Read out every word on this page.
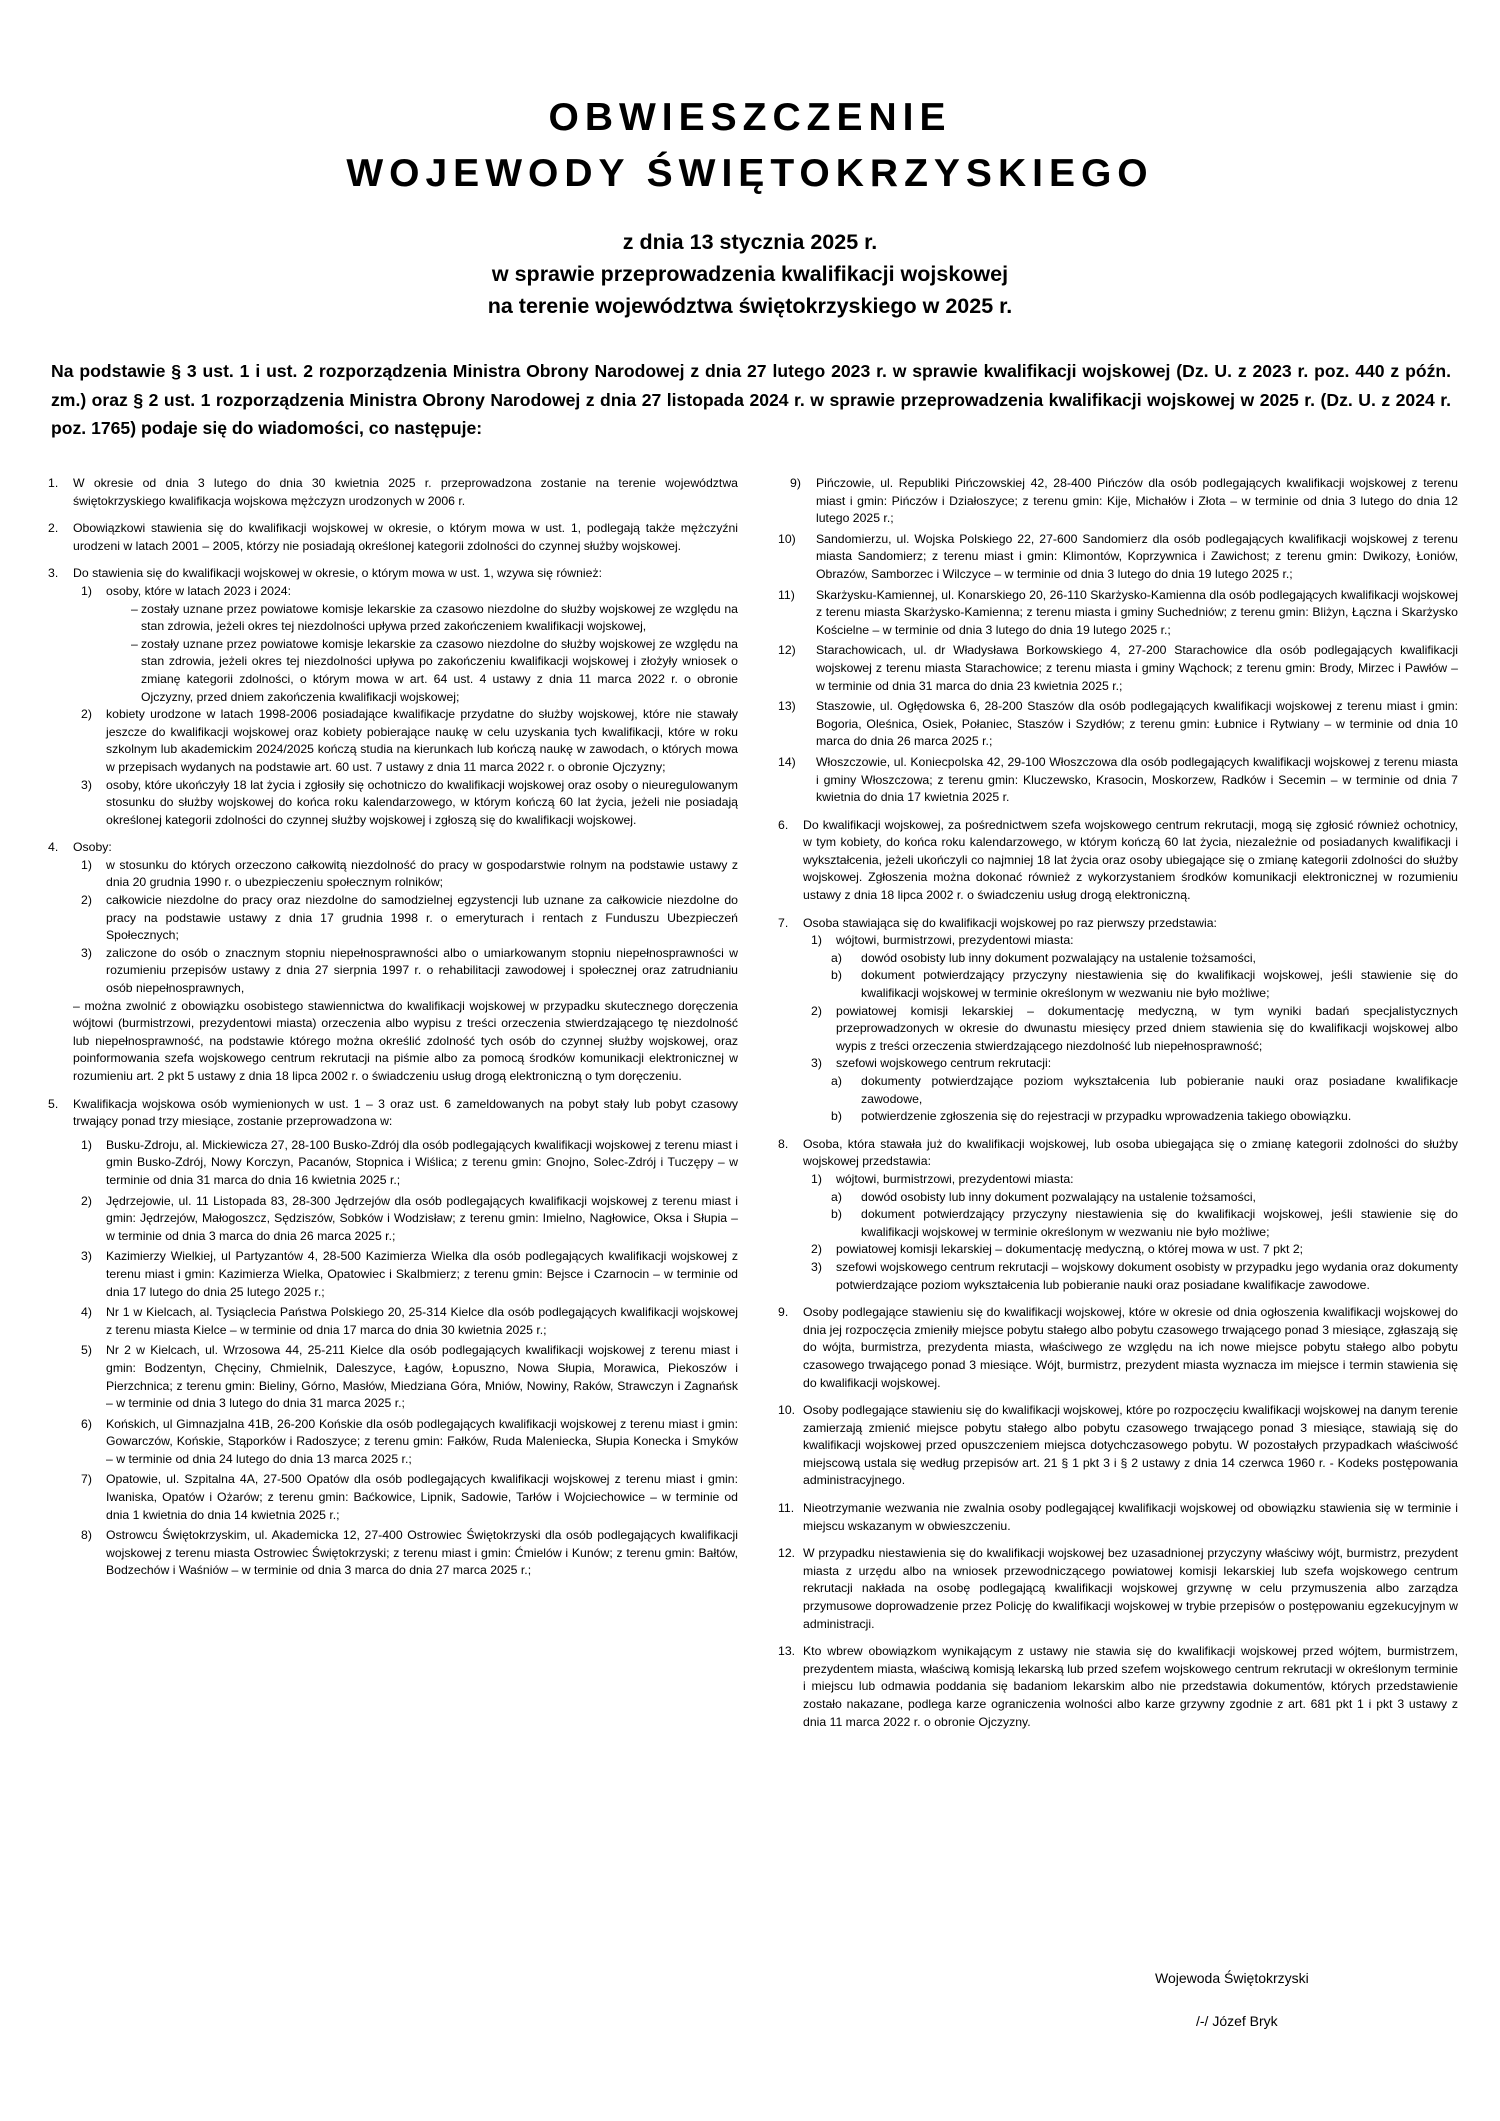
OBWIESZCZENIE
WOJEWODY ŚWIĘTOKRZYSKIEGO
z dnia 13 stycznia 2025 r.
w sprawie przeprowadzenia kwalifikacji wojskowej
na terenie województwa świętokrzyskiego w 2025 r.
Na podstawie § 3 ust. 1 i ust. 2 rozporządzenia Ministra Obrony Narodowej z dnia 27 lutego 2023 r. w sprawie kwalifikacji wojskowej (Dz. U. z 2023 r. poz. 440 z późn. zm.) oraz § 2 ust. 1 rozporządzenia Ministra Obrony Narodowej z dnia 27 listopada 2024 r. w sprawie przeprowadzenia kwalifikacji wojskowej w 2025 r. (Dz. U. z 2024 r. poz. 1765) podaje się do wiadomości, co następuje:
1. W okresie od dnia 3 lutego do dnia 30 kwietnia 2025 r. przeprowadzona zostanie na terenie województwa świętokrzyskiego kwalifikacja wojskowa mężczyzn urodzonych w 2006 r.
2. Obowiązkowi stawienia się do kwalifikacji wojskowej w okresie, o którym mowa w ust. 1, podlegają także mężczyźni urodzeni w latach 2001 – 2005, którzy nie posiadają określonej kategorii zdolności do czynnej służby wojskowej.
3. Do stawienia się do kwalifikacji wojskowej w okresie, o którym mowa w ust. 1, wzywa się również:
1) osoby, które w latach 2023 i 2024:
– zostały uznane przez powiatowe komisje lekarskie za czasowo niezdolne do służby wojskowej ze względu na stan zdrowia, jeżeli okres tej niezdolności upływa przed zakończeniem kwalifikacji wojskowej,
– zostały uznane przez powiatowe komisje lekarskie za czasowo niezdolne do służby wojskowej ze względu na stan zdrowia, jeżeli okres tej niezdolności upływa po zakończeniu kwalifikacji wojskowej i złożyły wniosek o zmianę kategorii zdolności, o którym mowa w art. 64 ust. 4 ustawy z dnia 11 marca 2022 r. o obronie Ojczyzny, przed dniem zakończenia kwalifikacji wojskowej;
2) kobiety urodzone w latach 1998-2006 posiadające kwalifikacje przydatne do służby wojskowej, które nie stawały jeszcze do kwalifikacji wojskowej oraz kobiety pobierające naukę w celu uzyskania tych kwalifikacji, które w roku szkolnym lub akademickim 2024/2025 kończą studia na kierunkach lub kończą naukę w zawodach, o których mowa w przepisach wydanych na podstawie art. 60 ust. 7 ustawy z dnia 11 marca 2022 r. o obronie Ojczyzny;
3) osoby, które ukończyły 18 lat życia i zgłosiły się ochotniczo do kwalifikacji wojskowej oraz osoby o nieuregulowanym stosunku do służby wojskowej do końca roku kalendarzowego, w którym kończą 60 lat życia, jeżeli nie posiadają określonej kategorii zdolności do czynnej służby wojskowej i zgłoszą się do kwalifikacji wojskowej.
4. Osoby:
1) w stosunku do których orzeczono całkowitą niezdolność do pracy w gospodarstwie rolnym na podstawie ustawy z dnia 20 grudnia 1990 r. o ubezpieczeniu społecznym rolników;
2) całkowicie niezdolne do pracy oraz niezdolne do samodzielnej egzystencji lub uznane za całkowicie niezdolne do pracy na podstawie ustawy z dnia 17 grudnia 1998 r. o emeryturach i rentach z Funduszu Ubezpieczeń Społecznych;
3) zaliczone do osób o znacznym stopniu niepełnosprawności albo o umiarkowanym stopniu niepełnosprawności w rozumieniu przepisów ustawy z dnia 27 sierpnia 1997 r. o rehabilitacji zawodowej i społecznej oraz zatrudnianiu osób niepełnosprawnych,
– można zwolnić z obowiązku osobistego stawiennictwa do kwalifikacji wojskowej w przypadku skutecznego doręczenia wójtowi (burmistrzowi, prezydentowi miasta) orzeczenia albo wypisu z treści orzeczenia stwierdzającego tę niezdolność lub niepełnosprawność, na podstawie którego można określić zdolność tych osób do czynnej służby wojskowej, oraz poinformowania szefa wojskowego centrum rekrutacji na piśmie albo za pomocą środków komunikacji elektronicznej w rozumieniu art. 2 pkt 5 ustawy z dnia 18 lipca 2002 r. o świadczeniu usług drogą elektroniczną o tym doręczeniu.
5. Kwalifikacja wojskowa osób wymienionych w ust. 1 – 3 oraz ust. 6 zameldowanych na pobyt stały lub pobyt czasowy trwający ponad trzy miesiące, zostanie przeprowadzona w:
1) Busku-Zdroju, al. Mickiewicza 27, 28-100 Busko-Zdrój dla osób podlegających kwalifikacji wojskowej z terenu miast i gmin Busko-Zdrój, Nowy Korczyn, Pacanów, Stopnica i Wiślica; z terenu gmin: Gnojno, Solec-Zdrój i Tuczępy – w terminie od dnia 31 marca do dnia 16 kwietnia 2025 r.;
2) Jędrzejowie, ul. 11 Listopada 83, 28-300 Jędrzejów dla osób podlegających kwalifikacji wojskowej z terenu miast i gmin: Jędrzejów, Małogoszcz, Sędziszów, Sobków i Wodzisław; z terenu gmin: Imielno, Nagłowice, Oksa i Słupia – w terminie od dnia 3 marca do dnia 26 marca 2025 r.;
3) Kazimierzy Wielkiej, ul Partyzantów 4, 28-500 Kazimierza Wielka dla osób podlegających kwalifikacji wojskowej z terenu miast i gmin: Kazimierza Wielka, Opatowiec i Skalbmierz; z terenu gmin: Bejsce i Czarnocin – w terminie od dnia 17 lutego do dnia 25 lutego 2025 r.;
4) Nr 1 w Kielcach, al. Tysiąclecia Państwa Polskiego 20, 25-314 Kielce dla osób podlegających kwalifikacji wojskowej z terenu miasta Kielce – w terminie od dnia 17 marca do dnia 30 kwietnia 2025 r.;
5) Nr 2 w Kielcach, ul. Wrzosowa 44, 25-211 Kielce dla osób podlegających kwalifikacji wojskowej z terenu miast i gmin: Bodzentyn, Chęciny, Chmielnik, Daleszyce, Łagów, Łopuszno, Nowa Słupia, Morawica, Piekoszów i Pierzchnica; z terenu gmin: Bieliny, Górno, Masłów, Miedziana Góra, Mniów, Nowiny, Raków, Strawczyn i Zagnańsk – w terminie od dnia 3 lutego do dnia 31 marca 2025 r.;
6) Końskich, ul Gimnazjalna 41B, 26-200 Końskie dla osób podlegających kwalifikacji wojskowej z terenu miast i gmin: Gowarczów, Końskie, Stąporków i Radoszyce; z terenu gmin: Fałków, Ruda Maleniecka, Słupia Konecka i Smyków – w terminie od dnia 24 lutego do dnia 13 marca 2025 r.;
7) Opatowie, ul. Szpitalna 4A, 27-500 Opatów dla osób podlegających kwalifikacji wojskowej z terenu miast i gmin: Iwaniska, Opatów i Ożarów; z terenu gmin: Baćkowice, Lipnik, Sadowie, Tarłów i Wojciechowice – w terminie od dnia 1 kwietnia do dnia 14 kwietnia 2025 r.;
8) Ostrowcu Świętokrzyskim, ul. Akademicka 12, 27-400 Ostrowiec Świętokrzyski dla osób podlegających kwalifikacji wojskowej z terenu miasta Ostrowiec Świętokrzyski; z terenu miast i gmin: Ćmielów i Kunów; z terenu gmin: Bałtów, Bodzechów i Waśniów – w terminie od dnia 3 marca do dnia 27 marca 2025 r.;
9) Pińczowie, ul. Republiki Pińczowskiej 42, 28-400 Pińczów dla osób podlegających kwalifikacji wojskowej z terenu miast i gmin: Pińczów i Działoszyce; z terenu gmin: Kije, Michałów i Złota – w terminie od dnia 3 lutego do dnia 12 lutego 2025 r.;
10) Sandomierzu, ul. Wojska Polskiego 22, 27-600 Sandomierz dla osób podlegających kwalifikacji wojskowej z terenu miasta Sandomierz; z terenu miast i gmin: Klimontów, Koprzywnica i Zawichost; z terenu gmin: Dwikozy, Łoniów, Obrazów, Samborzec i Wilczyce – w terminie od dnia 3 lutego do dnia 19 lutego 2025 r.;
11) Skarżysku-Kamiennej, ul. Konarskiego 20, 26-110 Skarżysko-Kamienna dla osób podlegających kwalifikacji wojskowej z terenu miasta Skarżysko-Kamienna; z terenu miasta i gminy Suchedniów; z terenu gmin: Bliżyn, Łączna i Skarżysko Kościelne – w terminie od dnia 3 lutego do dnia 19 lutego 2025 r.;
12) Starachowicach, ul. dr Władysława Borkowskiego 4, 27-200 Starachowice dla osób podlegających kwalifikacji wojskowej z terenu miasta Starachowice; z terenu miasta i gminy Wąchock; z terenu gmin: Brody, Mirzec i Pawłów – w terminie od dnia 31 marca do dnia 23 kwietnia 2025 r.;
13) Staszowie, ul. Ogłędowska 6, 28-200 Staszów dla osób podlegających kwalifikacji wojskowej z terenu miast i gmin: Bogoria, Oleśnica, Osiek, Połaniec, Staszów i Szydłów; z terenu gmin: Łubnice i Rytwiany – w terminie od dnia 10 marca do dnia 26 marca 2025 r.;
14) Włoszczowie, ul. Koniecpolska 42, 29-100 Włoszczowa dla osób podlegających kwalifikacji wojskowej z terenu miasta i gminy Włoszczowa; z terenu gmin: Kluczewsko, Krasocin, Moskorzew, Radków i Secemin – w terminie od dnia 7 kwietnia do dnia 17 kwietnia 2025 r.
6. Do kwalifikacji wojskowej, za pośrednictwem szefa wojskowego centrum rekrutacji, mogą się zgłosić również ochotnicy, w tym kobiety, do końca roku kalendarzowego, w którym kończą 60 lat życia, niezależnie od posiadanych kwalifikacji i wykształcenia, jeżeli ukończyli co najmniej 18 lat życia oraz osoby ubiegające się o zmianę kategorii zdolności do służby wojskowej. Zgłoszenia można dokonać również z wykorzystaniem środków komunikacji elektronicznej w rozumieniu ustawy z dnia 18 lipca 2002 r. o świadczeniu usług drogą elektroniczną.
7. Osoba stawiająca się do kwalifikacji wojskowej po raz pierwszy przedstawia:
1) wójtowi, burmistrzowi, prezydentowi miasta:
a) dowód osobisty lub inny dokument pozwalający na ustalenie tożsamości,
b) dokument potwierdzający przyczyny niestawienia się do kwalifikacji wojskowej, jeśli stawienie się do kwalifikacji wojskowej w terminie określonym w wezwaniu nie było możliwe;
2) powiatowej komisji lekarskiej – dokumentację medyczną, w tym wyniki badań specjalistycznych przeprowadzonych w okresie do dwunastu miesięcy przed dniem stawienia się do kwalifikacji wojskowej albo wypis z treści orzeczenia stwierdzającego niezdolność lub niepełnosprawność;
3) szefowi wojskowego centrum rekrutacji:
a) dokumenty potwierdzające poziom wykształcenia lub pobieranie nauki oraz posiadane kwalifikacje zawodowe,
b) potwierdzenie zgłoszenia się do rejestracji w przypadku wprowadzenia takiego obowiązku.
8. Osoba, która stawała już do kwalifikacji wojskowej, lub osoba ubiegająca się o zmianę kategorii zdolności do służby wojskowej przedstawia:
1) wójtowi, burmistrzowi, prezydentowi miasta:
a) dowód osobisty lub inny dokument pozwalający na ustalenie tożsamości,
b) dokument potwierdzający przyczyny niestawienia się do kwalifikacji wojskowej, jeśli stawienie się do kwalifikacji wojskowej w terminie określonym w wezwaniu nie było możliwe;
2) powiatowej komisji lekarskiej – dokumentację medyczną, o której mowa w ust. 7 pkt 2;
3) szefowi wojskowego centrum rekrutacji – wojskowy dokument osobisty w przypadku jego wydania oraz dokumenty potwierdzające poziom wykształcenia lub pobieranie nauki oraz posiadane kwalifikacje zawodowe.
9. Osoby podlegające stawieniu się do kwalifikacji wojskowej, które w okresie od dnia ogłoszenia kwalifikacji wojskowej do dnia jej rozpoczęcia zmieniły miejsce pobytu stałego albo pobytu czasowego trwającego ponad 3 miesiące, zgłaszają się do wójta, burmistrza, prezydenta miasta, właściwego ze względu na ich nowe miejsce pobytu stałego albo pobytu czasowego trwającego ponad 3 miesiące. Wójt, burmistrz, prezydent miasta wyznacza im miejsce i termin stawienia się do kwalifikacji wojskowej.
10. Osoby podlegające stawieniu się do kwalifikacji wojskowej, które po rozpoczęciu kwalifikacji wojskowej na danym terenie zamierzają zmienić miejsce pobytu stałego albo pobytu czasowego trwającego ponad 3 miesiące, stawiają się do kwalifikacji wojskowej przed opuszczeniem miejsca dotychczasowego pobytu. W pozostałych przypadkach właściwość miejscową ustala się według przepisów art. 21 § 1 pkt 3 i § 2 ustawy z dnia 14 czerwca 1960 r. - Kodeks postępowania administracyjnego.
11. Nieotrzymanie wezwania nie zwalnia osoby podlegającej kwalifikacji wojskowej od obowiązku stawienia się w terminie i miejscu wskazanym w obwieszczeniu.
12. W przypadku niestawienia się do kwalifikacji wojskowej bez uzasadnionej przyczyny właściwy wójt, burmistrz, prezydent miasta z urzędu albo na wniosek przewodniczącego powiatowej komisji lekarskiej lub szefa wojskowego centrum rekrutacji nakłada na osobę podlegającą kwalifikacji wojskowej grzywnę w celu przymuszenia albo zarządza przymusowe doprowadzenie przez Policję do kwalifikacji wojskowej w trybie przepisów o postępowaniu egzekucyjnym w administracji.
13. Kto wbrew obowiązkom wynikającym z ustawy nie stawia się do kwalifikacji wojskowej przed wójtem, burmistrzem, prezydentem miasta, właściwą komisją lekarską lub przed szefem wojskowego centrum rekrutacji w określonym terminie i miejscu lub odmawia poddania się badaniom lekarskim albo nie przedstawia dokumentów, których przedstawienie zostało nakazane, podlega karze ograniczenia wolności albo karze grzywny zgodnie z art. 681 pkt 1 i pkt 3 ustawy z dnia 11 marca 2022 r. o obronie Ojczyzny.
Wojewoda Świętokrzyski
/-/ Józef Bryk
